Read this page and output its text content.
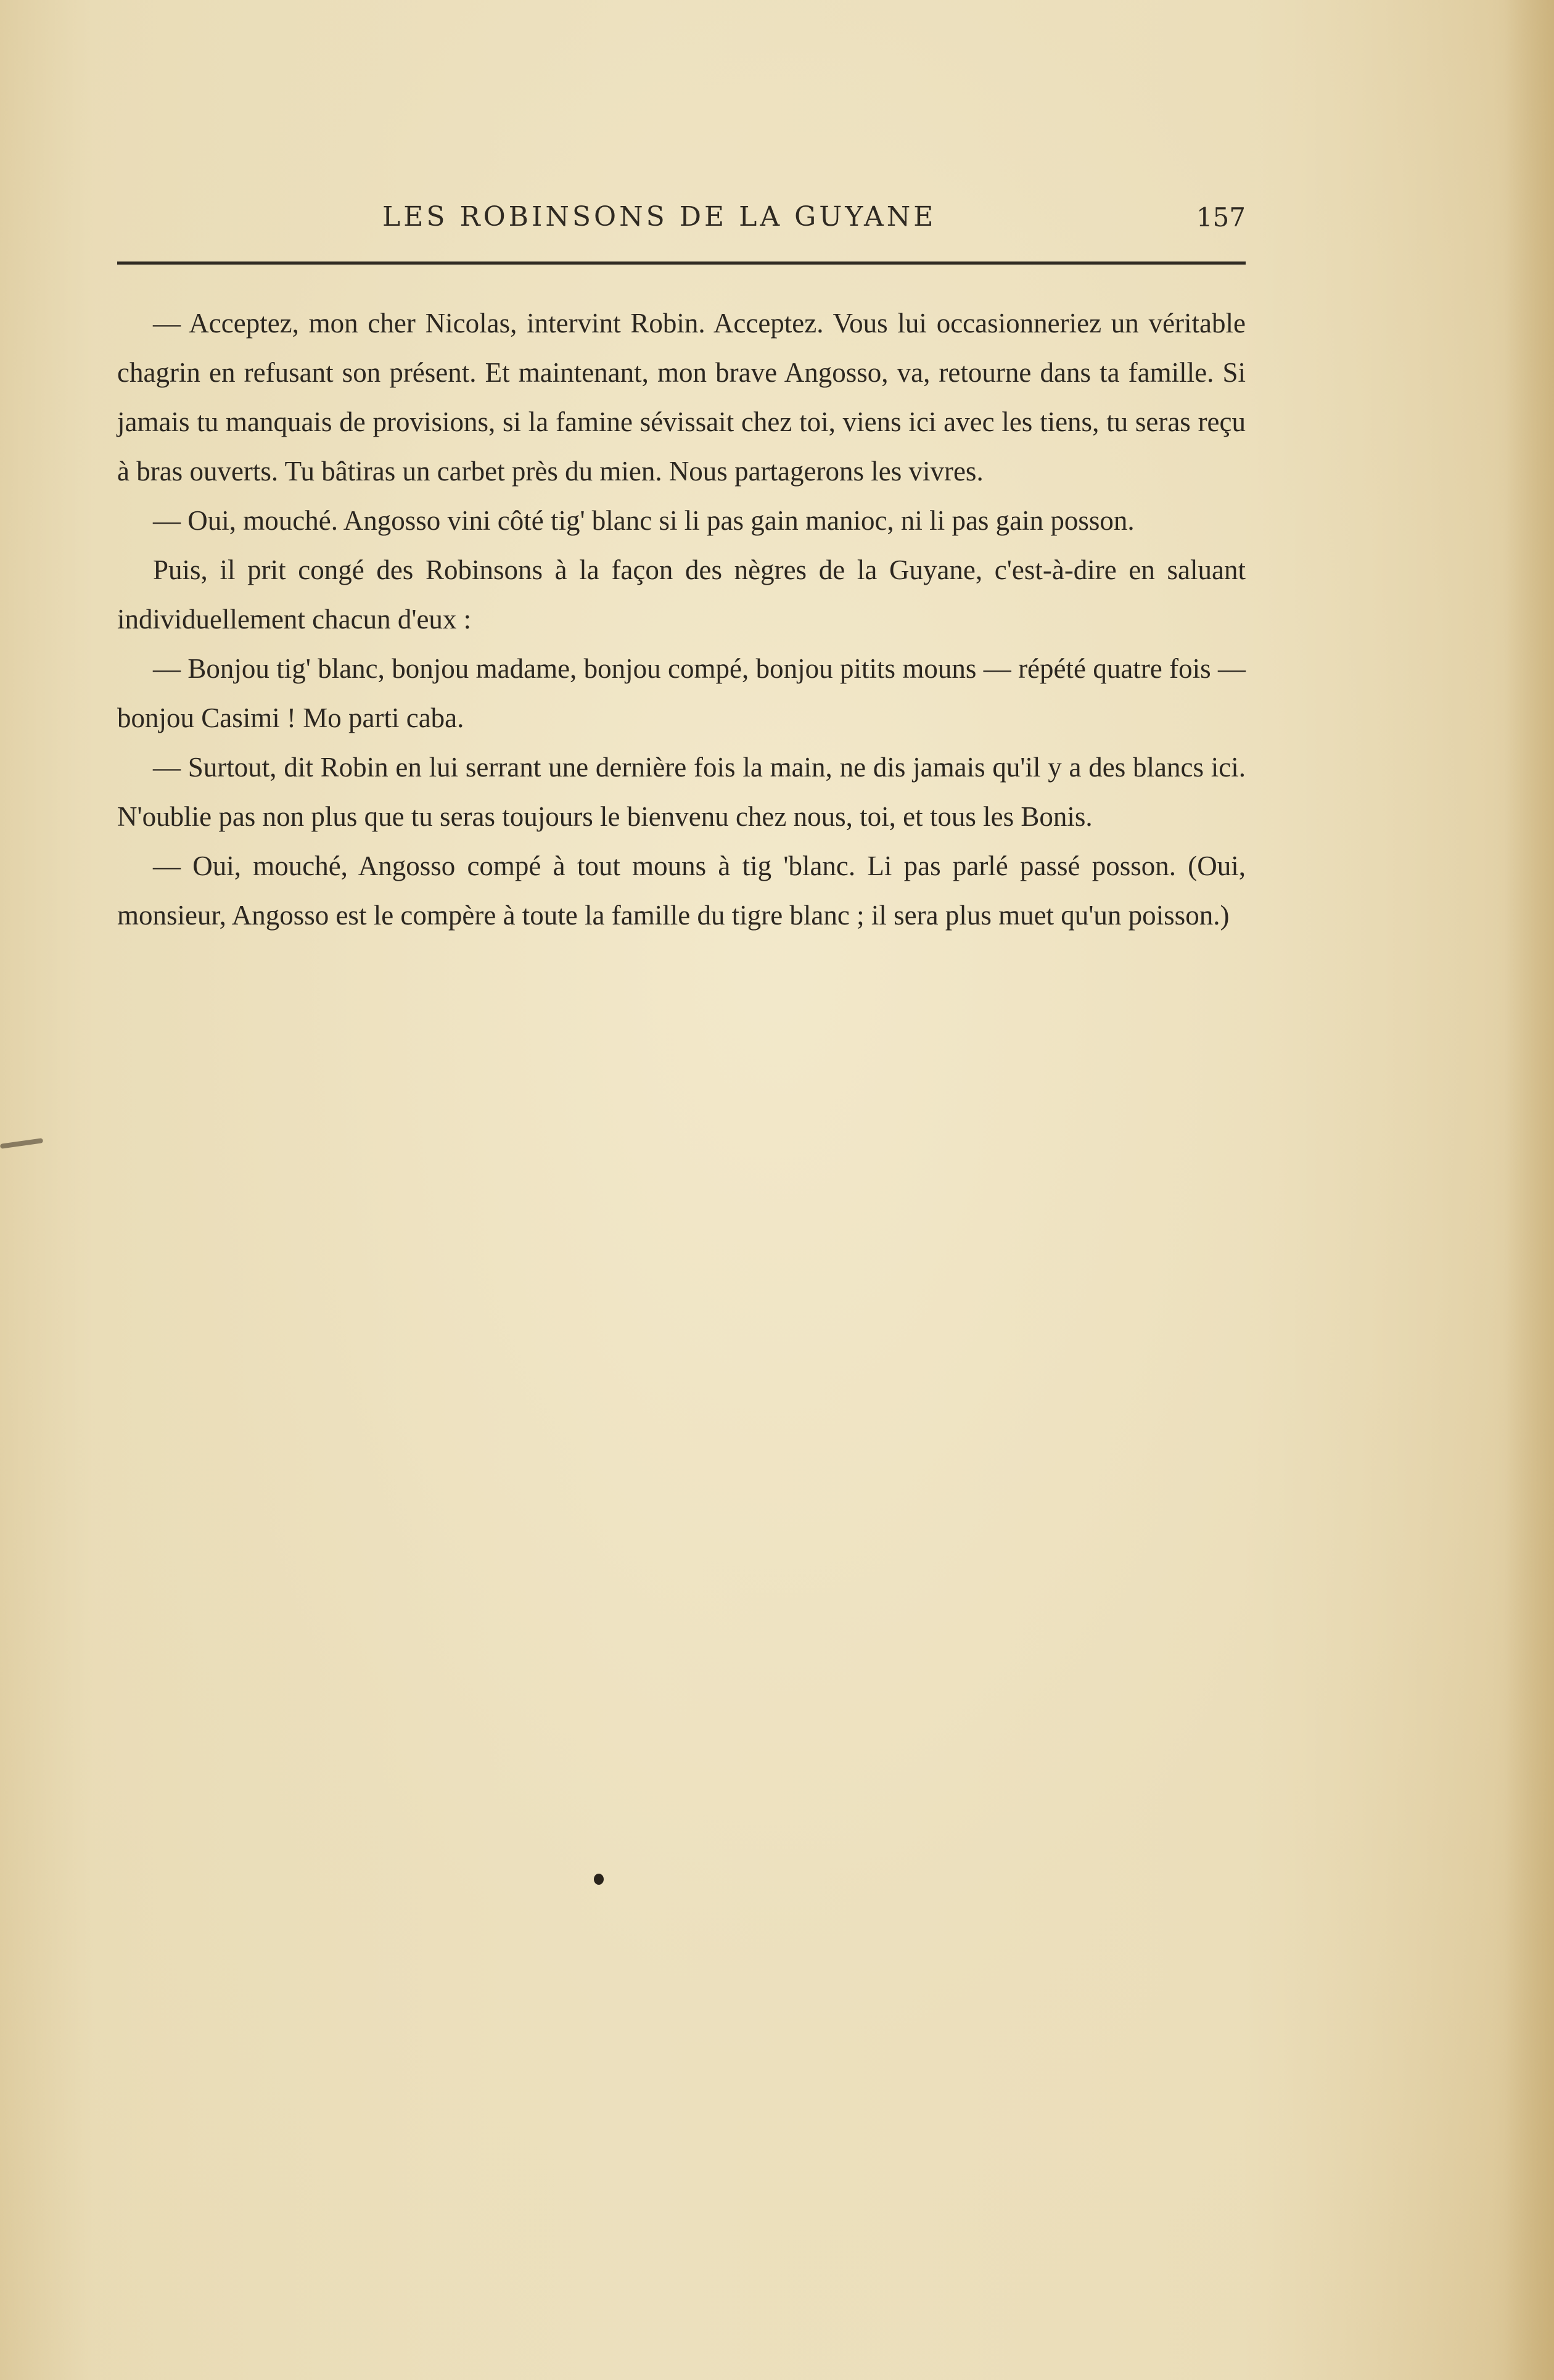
LES ROBINSONS DE LA GUYANE	157

— Acceptez, mon cher Nicolas, intervint Robin. Acceptez. Vous lui occasionneriez un véritable chagrin en refusant son présent. Et maintenant, mon brave Angosso, va, retourne dans ta famille. Si jamais tu manquais de provisions, si la famine sévissait chez toi, viens ici avec les tiens, tu seras reçu à bras ouverts. Tu bâtiras un carbet près du mien. Nous partagerons les vivres.

— Oui, mouché. Angosso vini côté tig' blanc si li pas gain manioc, ni li pas gain posson.

Puis, il prit congé des Robinsons à la façon des nègres de la Guyane, c'est-à-dire en saluant individuellement chacun d'eux :

— Bonjou tig' blanc, bonjou madame, bonjou compé, bonjou pitits mouns — répété quatre fois — bonjou Casimi ! Mo parti caba.

— Surtout, dit Robin en lui serrant une dernière fois la main, ne dis jamais qu'il y a des blancs ici. N'oublie pas non plus que tu seras toujours le bienvenu chez nous, toi, et tous les Bonis.

— Oui, mouché, Angosso compé à tout mouns à tig 'blanc. Li pas parlé passé posson. (Oui, monsieur, Angosso est le compère à toute la famille du tigre blanc ; il sera plus muet qu'un poisson.)
